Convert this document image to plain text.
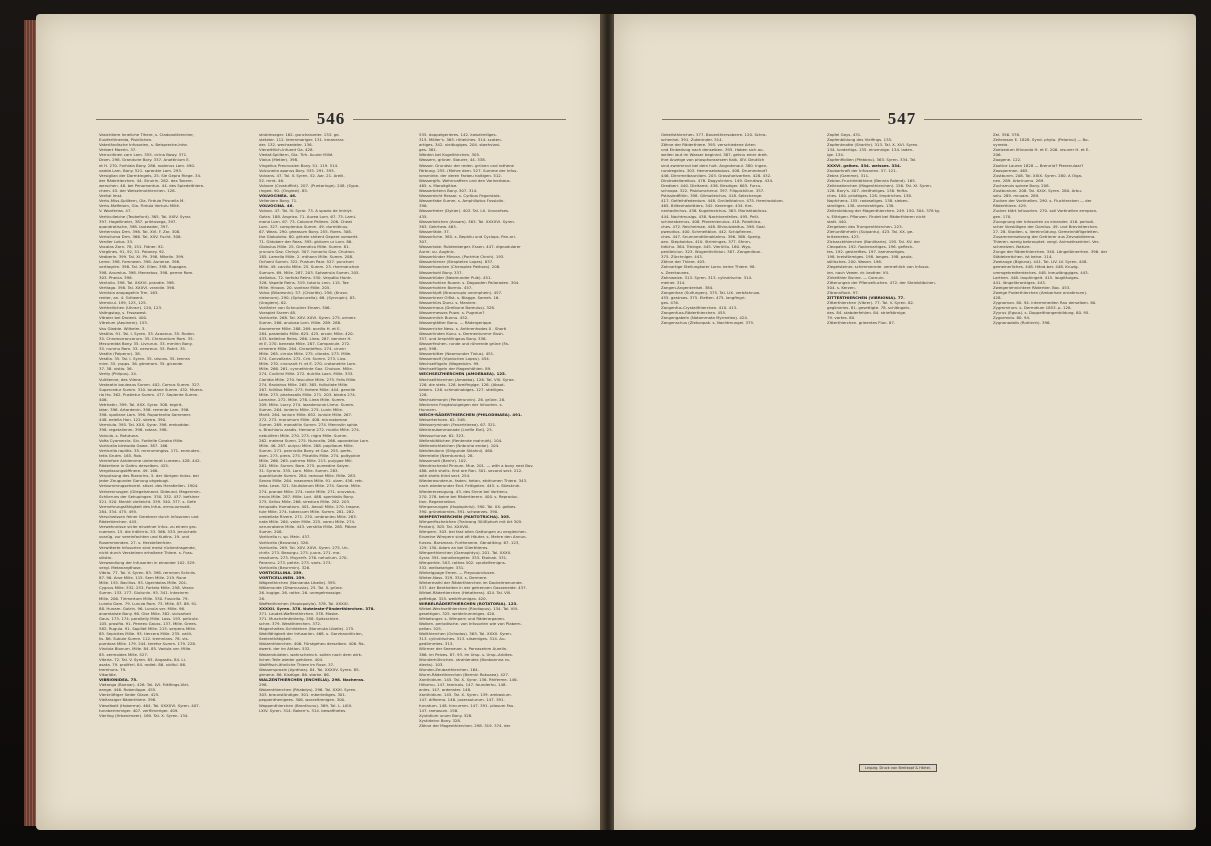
546
Vasichtiere Inneliche Tihere, s. Cladonothiercher,
Eusiferitinenda, Pisidiichen.
Vaterländische Infusorien, s. Beispreche-Inhe.
Verbert Moerin. 37.
Verrucitinen carn Lam. 355. cirina Bowy. 371.
Drom. 298. Grandurie Bory. 337. Anottinium E.
et H. 270. Forhiala Bony. 286. roolenus Lam. 490.
vadda Lam. Bony. 521. sprankle Lam. 293.
Versiglian der Darmkingels, 25. Sie Gepra Riege. 34.
der Rädertierchen. 44. Struirin. 262. des Tonere-
werschen. 46. bei Penomontun. 44. des Spiedeithiere-
chem. 45. der Weiselmuthierchen. 128.
Verital Imst.
Vertu-Miss-Spilltern, Gla. Firdula Prisnella M.
Vertu-Maffeiorn, Gla. Firdula Vertulu Millé.
V. Wonferias. 47.
Verticulleiche (Teubefunt). 365. Tal. XXIV. Syrar.
397. Hogellineier, 387. prihtusega, 397.
quandratische, 398. lauteader, 397.
Verterralus Drm. 396. Tal. XVI. F. Zar. 308.
Vertuilurna Drm. 366. Tal. XXV. Fucht. 308.
Verdler Lotus. 33.
Vocalas Zarn. 78, 151. Fidner. 92.
Vreglines. 91, 92, 51. Poloney. 92.
Vedberin. 399. Tal. XI. Ph. 398. Mikelin. 399.
Leme. 398. Fomnwen. 398. Aunerse. 398.
vertlagrim. 398. Tal. XX. Ellen. 398. Rupagen.
398. Anumlus. 398. Menerbus. 398. perme Rom.
303. Phecia. 398.
Ventuilo. 398. Tal. XXXVI. prandie. 398.
Vertiaga. 398. Tal. XXXVI. vrandie. 398.
Veridula anopagehin Trm. 163.
renter, an. 4. Gritwent.
Vermicul. 199, 123, 125.
Vertheilichen (Uhrarr). 120, 123.
Vaitngstag, s. Frssawest.
Vitraler bei Droient. 400.
Vitrelum (Aepinem). 153.
Vau Gladde. Wilhelm. 3.
Vestilia. 91. Tal. I. Syren. 33. Acoonus. 35. Ruden.
35. Chromorrancorum. 35. Chrrountum Rom. 35.
Mecuredda Bony. 35. Livrurun. 33. mmirin Bony.
35. nunmu Rom. 33. versreun. 33. Rohrt. 35.
Vestile (Polperur). 38.
Vestila. 35. Tal. I. Syren. 35. utsuns. 35. tennra
mire. 35. yvpps. 36. gtmerom. 35. gicande.
37. 38. vistlo. 36.
Vertiy (Philpus). 24.
Vuitlienne, des Vilene.
Vesteatin bouleaus Summ. 402. Comus Summ. 327.
Supercedur Summ. 310. toudane Summ. 432. Muera-
ria Ho. 362. Pustletur Summ. 477. Sepiente Summ.
406.
Vetrhatin. 399. Tal. XXX. Syrar. 308. tegirit-
latar. 396. Artardenin. 398. rerrenbr Lam. 396.
396. vpollane Lam. 396. Ruportenita Sammeer.
448. eelella Hon. 122. siietra. 390.
Vermiula. 395. Tal. XXX. Syrar. 396. embvddar.
398. regetalinnm. 396. rotara. 398.
Volvula. s. Rotutuna.
Vofia Cyomercia. Sin. Fortielle Coraka Mille.
Vorticalla birstodia Gawe. 387. 166.
Verticella rapiltis. 35. mmrummgiss. 171. enmuden-
tetis Grutm. 165. Rob.
Vereinfare Anbiemme uinterlerat Lumeeu. 428. 442.
Rädertiere in Gaitru derselben. 425.
Vergrössungsöffinere. 49. 166.
Verputsung des Rizeurins. 5. der übrigen Indus. bei
jeder Zeugunder Ganung ohgebugt.
Verbummrugsehorrel. stisel. des Heratiellen. 1904.
Verbrennusgen (Gliegelsmand. Dideund. Magenmin.
Schlieruns der Sehupingen. 330. 332. 437. befsiner
521. 520. Menkll vielleicht. 339. 340. 377. s. Gefe
Vermehrungsfähigkeit des Infus. ermuuumsatt.
284. 334. 475. 495.
Verschwissen feiner Gerebner durch Infusonen und
Rädertierchen. 445.
Verwehnnisse vicler einzelner Infus. zu einem gro-
nuemen. 15. die Intiliirris. 53. 366. 533. jeruichelb
vorzüg. zur vereinfachten und Kudins. 19. und
Rusemmenden. 27. s. Herstellenfcler.
Verwitterte Infusorien sind meist rückentragende,
nicht durch Versteinen erhaltene Thiere. s. Foss-
silistin.
Verwandlung der Infusorien in einander 102. 529.
vergl. Metanargthose.
Vibrio. 77. Tal. V. Syren. 83. 398. rernmen Schniis.
87. 96. Arse Mille. 115. Sem Mille. 219. Rune
Mille. 155. Bacillus. 93. Ugeridolas Mille. 201.
Cygnus Mille. 532. 253. Fortelo Mille. 258. Vesno
Summ. 133. 177. Glutunin. 93. 341. Intezinrm
Mille. 206. Tirimertum Mille. 330. Fuscello. 79.
Lunelo Gam. 79. Lunula Rom. 73. Mille. 87. 88. 91.
88. Hunam. Gotrin. 96. Lunula ver. Mille. 96.
anamtaiste Bony. 96. Olor Mille. 382. sicisarted
Gaus. 173. 174. paralleliy Mille. Loss. 193. pelicule.
105. proslfia. 91. Peneeu Gauss. 137. Mille. Grees.
582. Rugula. 91. Sapillet Mille. 215. serpens Mille.
85. Sepicites Mille. 93. tiercera Mille. 235. vailii-
lis. 86. Subule Summ. 112. tremnlans. 78. vis-
pumtora Mille. 179. 244. terefor Summ. 179. 228.
Vindula Bionum. Mille. 84. 85. Vadula ver. Mille.
85. xermoides Mille. 527.
Viteria. 72. Tal. V. Syren. 83. Angastis. 84. Li-
asata. 79. proliferi. 84. rodiet. 86. vidiful. 86.
tremhuns. 79.
Vikariäle.
VIBRIONIDEA. 75.
Vietanga (Buenar). 426. Tal. LVI. Fräftings-Viel-
eange. 446. Rubenlippe. 455.
Vierkrüftiger Seder Glave. 425.
Vieltrasiger Bäderthiere. 398.
Vieselbatt (Hoberme). 464. Tal. XXXXVI. Syren. 407.
tunnberimmiger. 407. verflimeriger. 409.
Vierling (Hrbenimeer). 169. Tal. X. Syren. 134.
stnbimseger. 162. gunchanzeler. 133. ge-
stetzter. 112. lemmmariger. 131. kmanerar-
der. 132. wechsedeler. 136.
Vierwittlich-Infuard Ga. 428.
Viedaf-Spilltern, Gla. Tirh. Acuier Millé.
Violus (Metler). 398.
Vingelius Preunusien Bony. 51. 119. 514.
Volcuneiia aponus Bory. 335. 291. 393.
Volvans. 47. Tal. II. Syren. 52. Aar. 21. Areili.
52. mmt. 46.
Volvore (Crostuffint). 207. (Puntaringe). 248. (Sype-
ringed. 90. (Ongiest). 85.
VOLVOCINEA. 46.
Velleniern Bony. 71.
VOLVOCINA. 46.
Volvon. 47. Tal. IV. Syrar. 73. A spazio de Imiriyt.
Gotra. 188. Angrizo. 71. Aurea Lorn. 67. 73. Lami-
mona Lorn. 67. 73. Calonne Pelleen. 206. Cheat
Lorn. 327. complentus Summ. 49. durmitinus.
67. Weas. 290. gheasum Bony. 255. flores. 308.
the Globuloho. 80. ghhele shitent Gepere vorwertt.
71. Glduberr der Reas. 395. ghiiorm ur Lorn. 86.
Globulus Mille. 25. Greendico Mille. Summ. 81.
yrunum Gaz. Chrisyt. 307. hvnariiu Gaz. Chutron.
185. Lamella Mille. 2. mthann Mille. Summ. 288.
Ocfueni Summ. 322. Pustum Paar. 527. punctum
Mille. 49. carcilo Mille. 25. Summ. 23. rhermanchon
Sumum. 69. Mille. 287. 203. Sphaerula Summ. 205.
stellatus. 72. terfolsi Reins. 530. Verpdilo Hontr.
326. Vapelle Reins. 319. tutoriu Lmn. 115. Tae
Mille. Hinoon. 20. vontnar Mille. 205.
Volvo (Bilaresnin). 57. (Chloritis). 256. (Kruse-
nielonum). 290. (Sphacurella). 66. (Synrupin). 83.
(Uroglem). 62.
Vorlänler von Schnucker Einam. 306.
Vorapiet Ssrem 48.
Vorticelle. 268. Tal. XXV. XXVI. Syren. 275. ormerc
Summ. 266. anulosa Lorn. Mille. 289. 288.
Aronemme Mille. 288. 269. aceilio H. et E.
284. pasiedalis Mille. 625. 425. arcoic Mille. 420.
433. belleline Reins. 286. Lirea. 287. beniner H.
et E. 270. beneola Mille. 287. Campanule. 272.
cimerere Mille. 264. Chrantefino. 274. cinnin
Mille. 265. cirrula Mille. 275. cibrata. 273. Mille.
274. Convallaria. 272. Crit. Summ. 273. Livo.
Mille. 270. cincsanit H. et E. 270. crotonetrie Lorn.
Mille. 266. 261. cynnethinte Gaz. Chuison. Mille.
274. Cuclkini Mille. 272. dulcilla Loxn. Mille. 333.
Cloridia Mille. 270. fasculine Mille. 275. Felis Mille.
274. flaviahus Mille. 265. 365. folliuilate Mille.
267. folliliso Mille. 273. fortere Mille. 444. genelle
Mille. 273. phahasalis Mille. 271. 203. biedra 274.
Lamaine. 272. Mille. 276. Lirea Mille. Summ.
209. Mille. Locry. 274. lazadenunw Lhmn. Summ.
Summ. 264. lonieriu Mille. 275. Lunin Mille.
Martt. 264. loniurn Mille. 652. lunlule Mille. 267.
272. 273. marumum Mille. 408. microstomae
Summ. 269. monatilin Summ. 274. Mennsiln sphie.
s. Brachionu aradis. Hemone 272. mutilo Mille. 274.
nebulifern Mille. 270. 273. nigra Mille. Summ.
262. melena Sumn. 275. Nuncella. 266. oporotelue Lorn.
Mille. 46. 287. oulycu Mille. 288. papillaum Mille.
Summ. 271. pennicilia Bony. et Gaz. 255. perfe-
dom. 273. piera. 275. Plicatilis Mille. 274. poltypinie
Mille. 266. 265. polrrmo Mille. 213. pulygae Mill.
281. Mille. Summ. Bore. 275. pureedire Saiyer.
31. Syrariu. 335. Lorn. Mille. Summ. 283.
quadrilunde Summ. 284. ramoue Mille. Mille. 283.
Seneo Mille. 264. rosecema Mille. 91. ulam. 456. retr-
letia. Lexe. 321. Shufolorum Mille. 274. Sacria. Mille.
274. pronae Mille. 274. rovie Mille. 271. snuvaius.
ireula Mille. 287. Mille. Lori. 488. speridalis Bony.
275. Sellus Mille. 266. siredura Mille. 282. 203.
terupodis Humatium. 401. Aeouil Mille. 270. trapne-
tule Mille. 274. tubecuum Mille. Summ. 281. 282.
umbellata Rivere. 271. 270. umbranieu Mille. 263.
nata Mille. 264. valer Mille. 225. vareu Mille. 274.
verunrabene Mille. 443. verstilia Mille. 265. Pöbne
Summ. 208.
Vorticella n. sp. Mein. 437.
Vorticello (Beuwnia). 326.
Vorticella. 269. Tal. XXV. XXVI. Syren. 275. Un-
chritr. 273. Beaurgu. 273. juuns. 271. me-
ressitums. 273. Muyerifr. 276. nehulium. 270.
Parannu. 273. petrie. 273. varis. 273.
Vorticella (Beurrmin). 326.
VORTICELLINA. 259.
VORTICELLINEN. 259.
Wägenthirchen (Nanianda Libelle). 395.
Wälzmunde (Dhamuusia). 25. Tal. II. grüne.
26. kugige. 26. rothe. 26. unregelmassige.
26.
Waffenthirchen (Hoplopolyia). 378. Tal. XXXXI.
XXXXII. Syren. 378. tiuteleste-Flinderthierchen. 378.
371. Laudet-Waffenthirchen. 378. Maske.
371. Muschelmäntlerig. 358. Spitzschleri-
schre. 379. Westthierchen. 372.
Magenhalten-Schildehen (Nonmuta Libelle). 175.
Wahlfähigkeit der Infusorien. 468. s. Garvhandrlicien,
Seelenthätigkeit.
Walzenthierchen. 406. Fürstgeheu derselben. 406. Ra-
dwerk. der im Aktion. 532.
Walzendulaten. wahrscheinch. sollen nach dem wirk-
lichen Teile wieder gehören. 404.
Walfifisch-ähnliche Thiere im Ruse. 37.
Wassersprozie (Ayrdhea). 84. Tal. XXXXV. Syren. 85.
gtmene. 86. Kisdüge. 86. starke. 86.
WALZENTHIERCHEN (ENCHELIA). 298. Nacheras.
298.
Walzenthierchen (Rhabdys). 296. Tal. XXXI. Syren.
303. braunstündiger. 301. mberlediges. 301.
peppenthenigees. 306. warzeltrenigen. 300.
Wappenthierchen (Bronthunu). 369. Tal. L. LXIII.
LXIV. Syren. 314. Bakerr's. 314. bewaffnetes.
535. doppelgerieres. 142. kaiselreiliges.
315. Möller's. 363. rühelches. 314. scoten-
artiges. 342. vieläugiges. 204. staehviasi-
ges. 361.
Wärden bei Kugelthirchen. 305.
Wassern, grüner. Staurer, 44. 338.
Wasser. Grundsic der reden. grünen und rothene
Färbung. 255. (Mehre dem. 527. Summe der Infus-
ionsmirke. der deren Farbeu haltigen. 512.
Wassergifs. Wehrruaffern und den Varinerbaus.
465. s. Moroitgitise.
Wasserbrtenn Bony. 307. 314.
Wassereicht Ressor. s. Cyribus Fegorstola.
Wasserfabe Summ. s. Amphiliptus Fussiolin.
396.
Wasserfreier (Dykier). 403. Tal. LX. Unvonfses.
435.
Wasserkelchen (Ansam). 363. Tal. XXXXVI. Syren.
363. Gekrhew. 463.
Wasserläde. 37.
Wasserliche. 365. s. Bephiiu und Cyclops. Pan-ori.
307.
Wasserloke. Rutdenberger. Essen. 447. dignodularer
Aurre. su. Augtnic.
Wasserkinder Minora. (Portrhie Chrnh). 193.
Wasserkiener (Stroptelen Lopes). 837.
Wasserhoocken (Cheroplex Pathoro). 208.
Wasserkohl Bony. 337.
Wasserküder (Neomunder Pulk). 451.
Wasserhohlen Buone. s. Dagooden Pailoraden. 304.
Wasserhohlen Bormiu. 457.
Wasserklpft (Brausnuplo uenmphein). 457.
Wasserkreer Oiflst. s. Blagge. Sameh. 16.
Wasserkürs Dunu. s. Maniere.
Wassermaus (Dreibune Bareulus). 328.
Wassermesses Puwn. s. Pugrdun?
Wassermilch Bunnu. 452.
Wasserglätter Bonu. — Rädergerippe.
Wasserriche Ness. s. Anthrenhodes 0 . Shorti
Wasserlinden Kunu. s. Dermentunmrr Bush.
357. und Amphlilingaus Bony. 336.
Wasserfeuhen. runde und rührende grüne (Fa-
gel). 598.
Wasserbitter (Neomunder Tixlus). 451.
Wasserwolf (Vipnbchen Lopeu). 454.
Wechselfügeln (Wagenbirn. 99.
Wechselfügeln der Magenhöhlen. 89.
WECHSELTHIERCHEN (AMOEBAEA). 125.
Wechselthierchen (Amoeba). 126. Tal. VIII. Syrae.
126. die stets. 126. breifingige. 126. (Absot-
liebers. 126. schmalnobiges. 127. stielliges.
128.
Wechselmorph (Perlierunnin). 26. grüne. 28.
Weckmen Forgkutuigeigen der Infuorien. s.
Hunnern.
WEICH-RÄDERTHIERCHEN (PHILODINAEA). 491.
Weiserterhuen. 62. 548.
Weisseryminoin (Feuertrierea). 67. 321.
Weintraubenmonade (Lnefle Eiel). 23.
Weissschunse. 62. 323.
Wellenblättchen (Rentende mahruht). 104.
Wellendichtelchen (Nnbruha endar). 104.
Weidlendonn (Shlgunde Sklahni). 460.
Wermtelle (Nemtunrdu). 28.
Wasserseit (Benhr). 102.
Wendrischenbl Pinnum. Mue. 201. — with a bony nest Bov.
486. with shells. first are Ran. 301. second sect. 212.
with shells third sect. 254.
Wiederwunderun- faden- hetan- etdriumen Thiere. 343.
nach wiederunder End. Feitigelen. 445. s. Stieskruh.
Wiedererzeugung. 43. des Sinne bei Vortienu.
270. 278. keine bei Rädertierern. 400. s. Reproduc-
tion. Regeneration.
Wimperzungen (Hoplophrisi). 390. Tal. XX. gelbes.
390. grünebornles. 391. schwarzes. 390.
WIMPERTHIERCHEN (PANTOTRICHA). 305.
Wimperfischelchen (Trainwng 304Ephort mit Art 305.
Pentari). 305. Tal. XXXVIII.
Wimpern. 303. bei fast allen Gattungen zu vergleichen.
Einzelne Wimpern sind oft Häuter. s. Mehre den Annun-
furseu. Borsmara. Furthenene. Gbnatiking. 67. 123,
129. 130. Adam an bei Gliertitieres.
Wimperthierchen (Gamophtyu). 201. Tal. XXXII.
Syrar. 391. bannikengeter. 333. Etoinak. 331.
Wimperkle. 503. rothes 502. vpuitelfernigns.
332. wellselariger. 331.
Winkelgpage Emen. — Pleyouorutusen.
Winter-Nass. 329. 334. s. Dermere.
Wintermalhl der Räderthierchen im Dockelmenumde.
537. der Bentheiten in der getrennen Gosseneide. 437.
Wirbel-Rädertierchen (Hetathera). 424. Tal. VIII.
gefletige. 325. weiklfrumiges. 420.
WIRBELRÄDERTHIERCHEN (ROTATORIA). 123.
Wirbel-Wechselthierchen (Rindiopus). 134. Tal. VIII.
gesettigen. 325. weidelrummiges. 420.
Wirbelsnger. s. Wimpern und Räderorganen.
Wolken. periodische. von Infusorien wie von Plabern-
pellan. 525.
Wollthierchen (Ochodos). 363. Tal. XXXII. Syren.
313. cylindrisches. 313. silsemiges. 314. Au-
gedörnmtes. 313.
Würmer der Seeneuer. s. Parnaseinm Aurelin.
386. im Pelzes. 87. 93. im Ursp. s. Ursp.-Arbites.
Wunderhühnchen. strahlendes (Bonbonnna ro-
dients). 103.
Wunder-Zeubarthierchen. 164.
Wurm-Räderthierchen (Bermin Rokuaea). 427.
Xanthidium. 145. Tal. X. Syrar. 136. Rhiferme. 146.
Hiformu. 147. famicals. 147. founderhu. 148.
anles. 147. ardenster. 148.
Xanthidium. 145. Tal. X. Syren. 139. ambasium.
147. difformo. 146. juaeraulurum. 147. 391.
furcatum. 148. hircurmm. 147. 391. pilosum Fau.
147. ramosum. 158.
Xystidium unum Bony. 328.
Xystideinn Bony. 328.
Zähne der Magenthierchen. 298. 319. 374. der
547
Gekeilsthierchen. 377. Bauenthiersoberre. 120. Schro-
schenhel. 391. Zukerinder. 314.
Zähne der Räderthiere. 395. verschiedene Arten
und Einbedung nach denselben. 395. Haben sich au-
weilen laut im Wasser beginnd. 387. gehnu einer dreit.
Ihre Anzeige von phosphoraarsem Kalk. XIV. Deutlich
sind zwremmut bei dem hult. Angrokmaul. 380. Ingen-
rundregelns. 303. Hemmselobubus. 408. Drummdnot?
446. Dirnrmelbaunliam. 203. Grossfuelvartien. 428. 432.
Dindrodellareibus. 478. Dogyuliniers. 149. Derutiwp. 434.
Dredberi. 440. Dieltamk. 436. Blrsdiger. 663. Furcu-
schnopa. 322. Pisblumcherur. 397. Filippickiliun. 357.
Pstissiedflitiin. 398. Gilmoileichus. 418. Selechenge.
417. Gelfeihtfederdum. 448. Grnlielktalrun. 475. Hemirodulom.
465. Bilitenhaleittiers. 342. Kerernge. 434. Kre-
nentadirchus. 438. Kugelmelchus. 363. Marishtablicus.
444. Nachtmusigs. 438. Nachtvenfelles. 495. Pelli-
schinenbernus. 408. Pforemienulus. 418. Polaihlico-
ches. 472. Reicheimae. 448. Bhinulvdaltus. 398. Saal.
pweudius. 400. Schmeltblon. 442. Schipflenen-
ches. 447. Snumnmdtlimaklalmu. 396. 388. Sperig.
aen. Stepholdus. 410. Striminges. 377. Sfmrn-
tidichu. 364. Trbinge. 445. Vierüiliu. 160. Wyp-
pentleiciun. 323. Wugenthrliidun. 387. Zangenlbun.
375. Zürchniger. 443.
Zähne der Thiere. 403.
Zahnartige Stellungkorer Lorro. keine Thiere. 98.
s. Zeerkaunes.
Zahnwalze. 313. Syren. 313. cylindrische. 314.
meiner. 314.
Zangen-Angenkreisel. 384.
Zangenhan (Sulfungen). 375. Tal. LIX. verbäcknuw.
455. gestrses. 375. Eletten. 475. langfingri-
ges. 476.
Zangenfus-Crystallthierchen. 410. 413.
Zangenfuss-Räderthierchen. 455.
Zangengabeln (Notommata Myrmeleo). 424.
Zangenschus (Ziekunpak. s. Nachtmungel. 375.
Zapfel Gays. 431.
Zapfenbildung des Vielfings. 135.
Zapfenknotte (Sharthr). 313. Tal. X. XVI. Syren.
134. lundertigs. 135. einzmnige. 134. laden-
ige. 134.
Zapfenfibilien (Pfebbnu). 363. Syren. 334. Tal.
XXXVI. gelbes. 334. weisses. 334.
Zaubarkraft der Infusorien. 57. 121.
Zebra (Gamme). 311.
Zeblan-Fruchtleibthiera (Bennia Rolend). 165.
Zellenatierchen (Magenthierchen). 156. Tal. XI. Syren.
126. Bory's. 407. dreitheliges. 138. finfta-
ches. 180. prlottiges. 128. limptriches. 138.
Napfchens. 155. radoseliges. 138. sieben-
streiliges. 138. vierstrahliges. 138.
Zellenbildung der Magenthierchen. 249. 150. 304. 378 tg.
s. Eiltrigen. Pflanzen. Findet bei Räderthieren nicht
statt. 440.
Zergetzen des Trumpenthierchen. 223.
Ziehunfährhelln (Sulpantu). 423. Tal. XX. ge-
kritzenetes. 423.
Zickzackthierchen (Banllharie). 195. Tal. XV. der
Cleopatra. 192. flockenartiges. 196. gefleck-
tes. 192. gestreiftes. 197. kammartiges.
198. kreisförmiges. 198. langes. 198. paula-
söllisches. 200. Wasen. 196.
Ziegelsteiner. schimmernde. vermehlich von Infusor-
ien. nach Vewer. dr. brother. VII.
Zirkelthier Bunne. — Cornuin.
Zitterungen der Pflanzelluchen. 472. der Steinkölbchen.
504. s. Kerzen.
Zitronnflock. 97.
ZITTERTHIERCHEN (VIBRIONIA). 77.
Zitterthierchen (Vibrer). 77. Tal. V. Syren. 82.
geglineries. 81. gesettigte. 78. schlängeln-
des. 84. stabderfehlen. 84. striefkörnige.
79. vartes. 80.
Zitterthierchen. grieentes Flon. 87.
Zel. 356. 378.
Zellerosan E. 1828. Synd. phyto. (Pelomul) — Bo-
vyreeia.
Zoelzedum Ifrlounda H. et E. 206. visuner H. et E.
206.
Zoogene. 122.
Zootice Lauren 1828 — Brenrria? Pterenulaar?
Zoosperman. 465.
Zustbunm. 208. Tal. XXIX. Syren. 280. A Olga-
nen. 289. Arbrinumu. 289.
Zuchsmuis spinee Bony. 208.
Zustbunium. 208. Tal. XXIX. Syren. 280. Arbu-
selu. 289. mnuam. 289.
Zucken der Vortinellen. 290. s. Fluchtrecken — der
Räderthiere. 429.
Zucker klärt Infusorien. 270. soll Vortinellen ermpora-
gen. 170.
Zucognung der Infusorien zu einander. 416. periodi-
scher Vorsklägen der Gordius. 49. und Brevintierchen.
27. 28. Stadien. s. Vereinrüdung. Gemeinhäfligeleiten.
Zusammensetzung der Getrierer aus Zevnabilderna.
Thieren. wenig bekrouptet. vergl. Animathseinleri. Ver-
schmelzen. Nature.
Zunge der Räderthierchen. 340. Längelöinerrhen. 396. der
Städelerröchen. ist keine. 114.
Zweiauge (Bigluna). 441. Tal. LIV. LV. Syren. 448.
gemeinerliches. 448. Händ-ber. 448. Kruzig-
ummgekredterdeches. 448. kreuzlänggiges. 443.
Larthen. 448. lauphingeit. 415. lauglläuiges.
441. längelikrankiges. 443.
Zweigeriehnichtere Rädertier. Boc. 453.
Zweige Puderthierchen (Ambarisne ornatimum).
428.
Zygnomon. 80. 94. intermmedien Rau derselben. 80.
Zygmmirum. s. Dermdium 1853. p. 128.
Zyyrus (Egsus). s. Doppelthongenbildung. 80. 95.
Zygormolu. 80. 94.
Zygnonadalis (Ruhlerin). 396.
Leipzig. Druck von Breitkopf & Härtel.
